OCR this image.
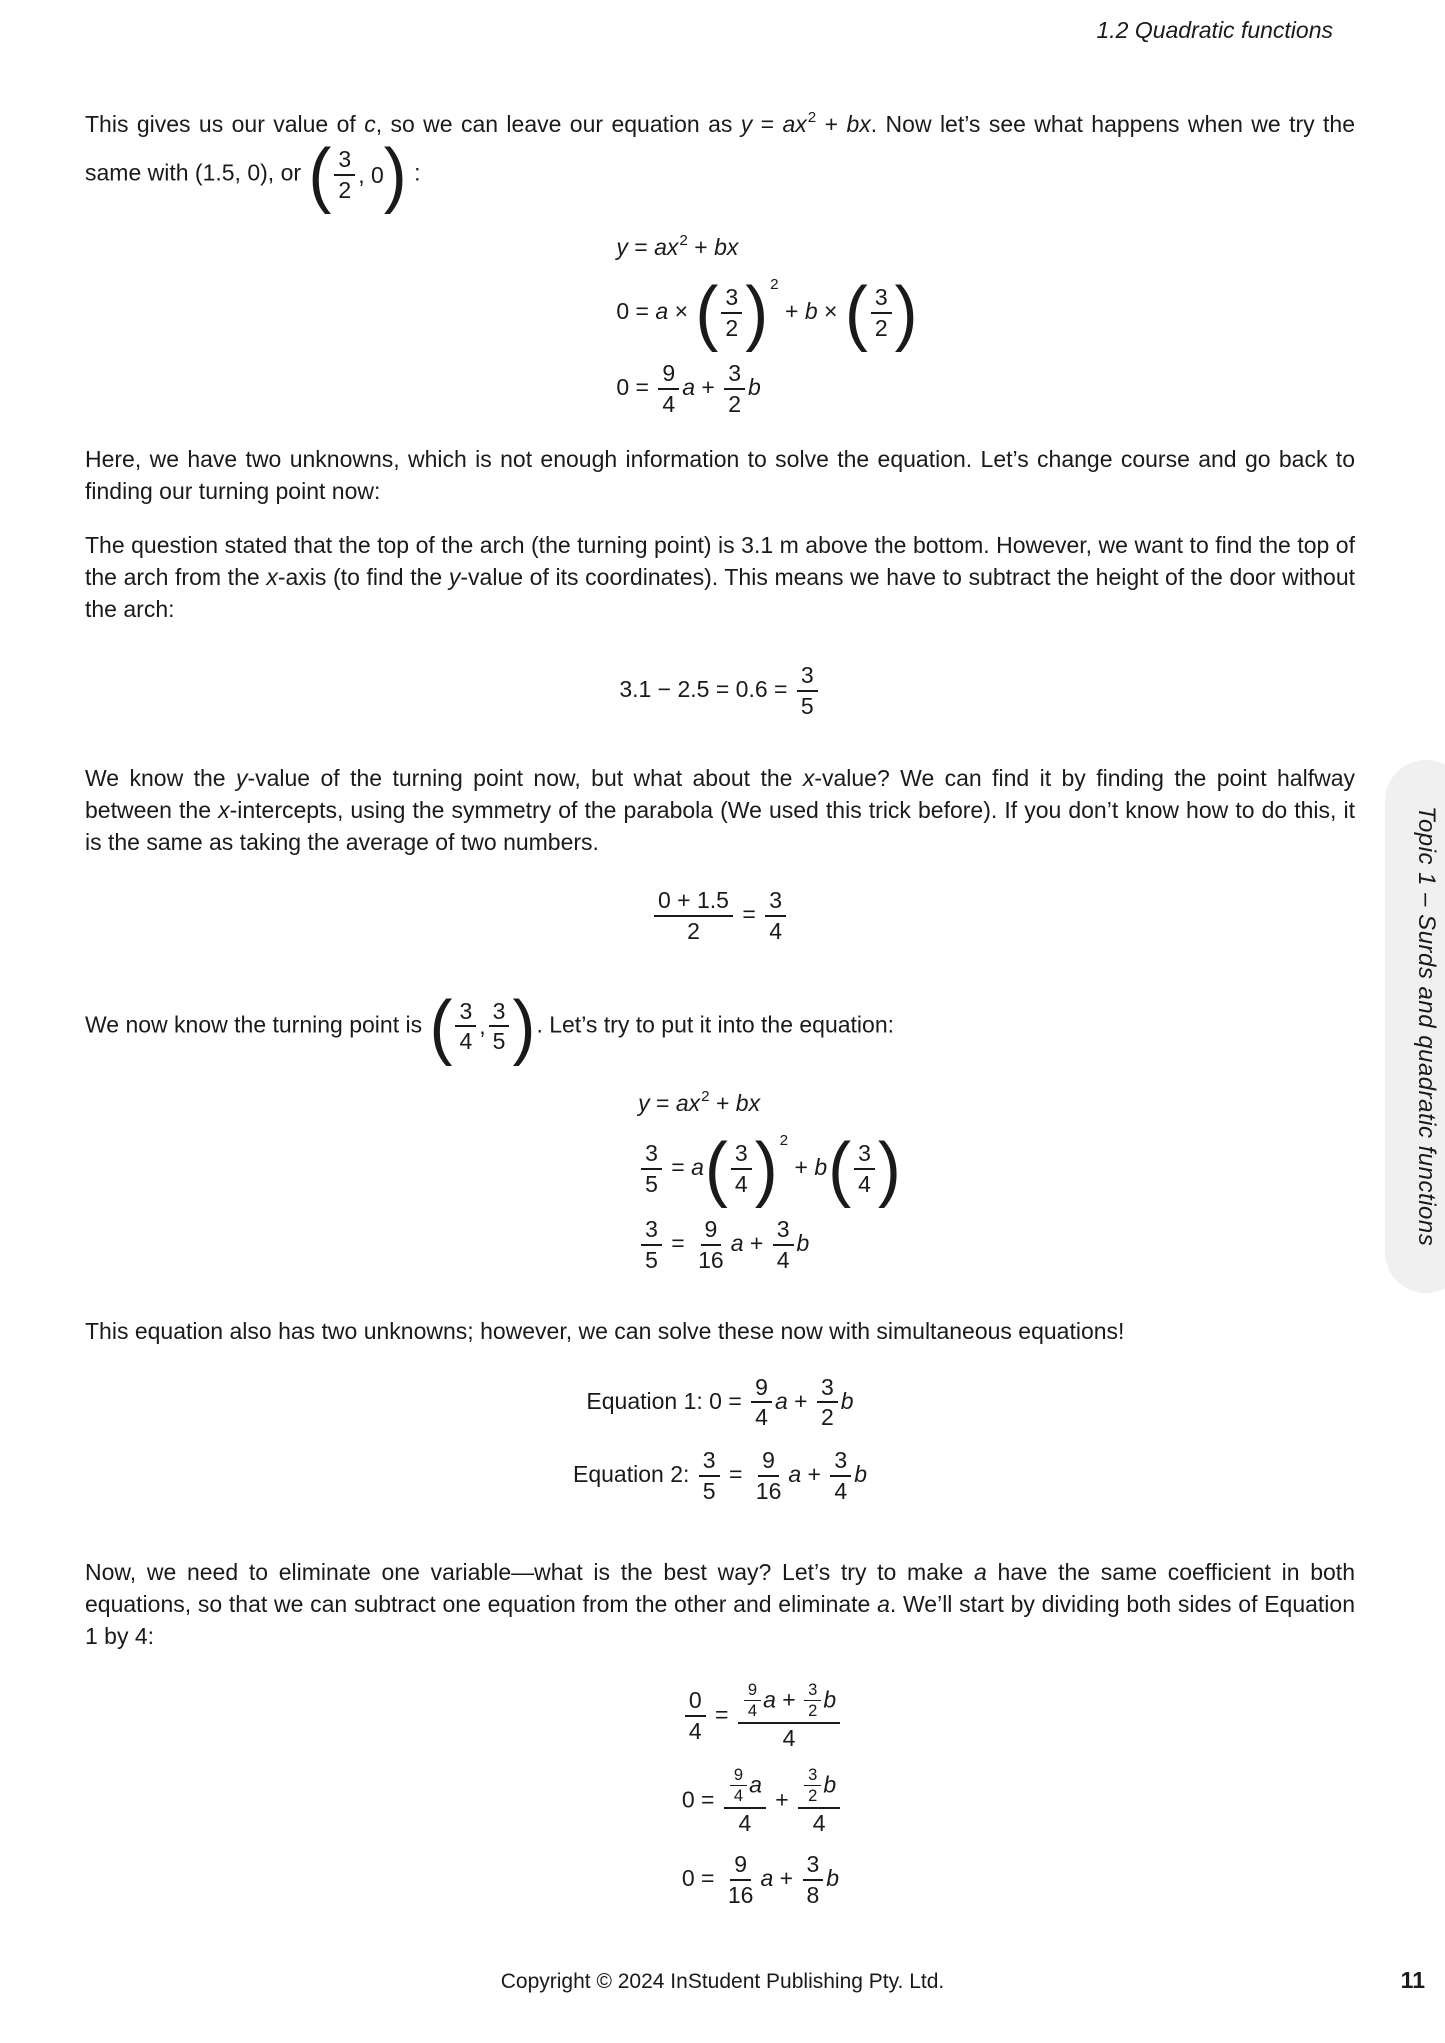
1.2 Quadratic functions
This gives us our value of c, so we can leave our equation as $y = ax^2$ + bx. Now let’s see what happens when we try the same with (1.5, 0), or ( 3
2
, 0 ) :
$y = ax^2$ + bx
0 = a × ( 3
2 ) $^2$ + b × ( 3
2 )
$0 = \frac{9}{4}$ $a + \frac{3}{2}$ b
Here, we have two unknowns, which is not enough information to solve the equation. Let’s change course and go back to finding our turning point now:
The question stated that the top of the arch (the turning point) is 3.1 m above the bottom. However, we want to find the top of the arch from the x-axis (to find the y-value of its coordinates). This means we have to subtract the height of the door without the arch:
$3.1 - 2.5 = 0.6 = \frac{3}{5}$
We know the y-value of the turning point now, but what about the x-value? We can find it by finding the point halfway between the x-intercepts, using the symmetry of the parabola (We used this trick before). If you don’t know how to do this, it is the same as taking the average of two numbers.
$\frac{0 + 1.5}{2} = \frac{3}{4}$
We now know the turning point is ( 3
4
,
3
5 ) . Let’s try to put it into the equation:
$y = ax^2$ + bx
$\frac{3}{5} = a$ ( 3
4 ) $^2$ + b ( 3
4 )
$\frac{3}{5} = \frac{9}{16}$ $a + \frac{3}{4}$ b
This equation also has two unknowns; however, we can solve these now with simultaneous equations!
Equation 1: $0 = \frac{9}{4}$ $a + \frac{3}{2}$ b
Equation 2: $\frac{3}{5} = \frac{9}{16}$ $a + \frac{3}{4}$ b
Now, we need to eliminate one variable—what is the best way? Let’s try to make a have the same coefficient in both equations, so that we can subtract one equation from the other and eliminate a. We’ll start by dividing both sides of Equation 1 by 4:
$\frac{0}{4} = \frac{\frac{9}{4} a + \frac{3}{2} b}{4}$
$0 = \frac{\frac{9}{4} a}{4} + \frac{\frac{3}{2} b}{4}$
$0 = \frac{9}{16}$ $a + \frac{3}{8}$ b
Topic 1 – Surds and quadratic functions
Copyright © 2024 InStudent Publishing Pty. Ltd.	11
